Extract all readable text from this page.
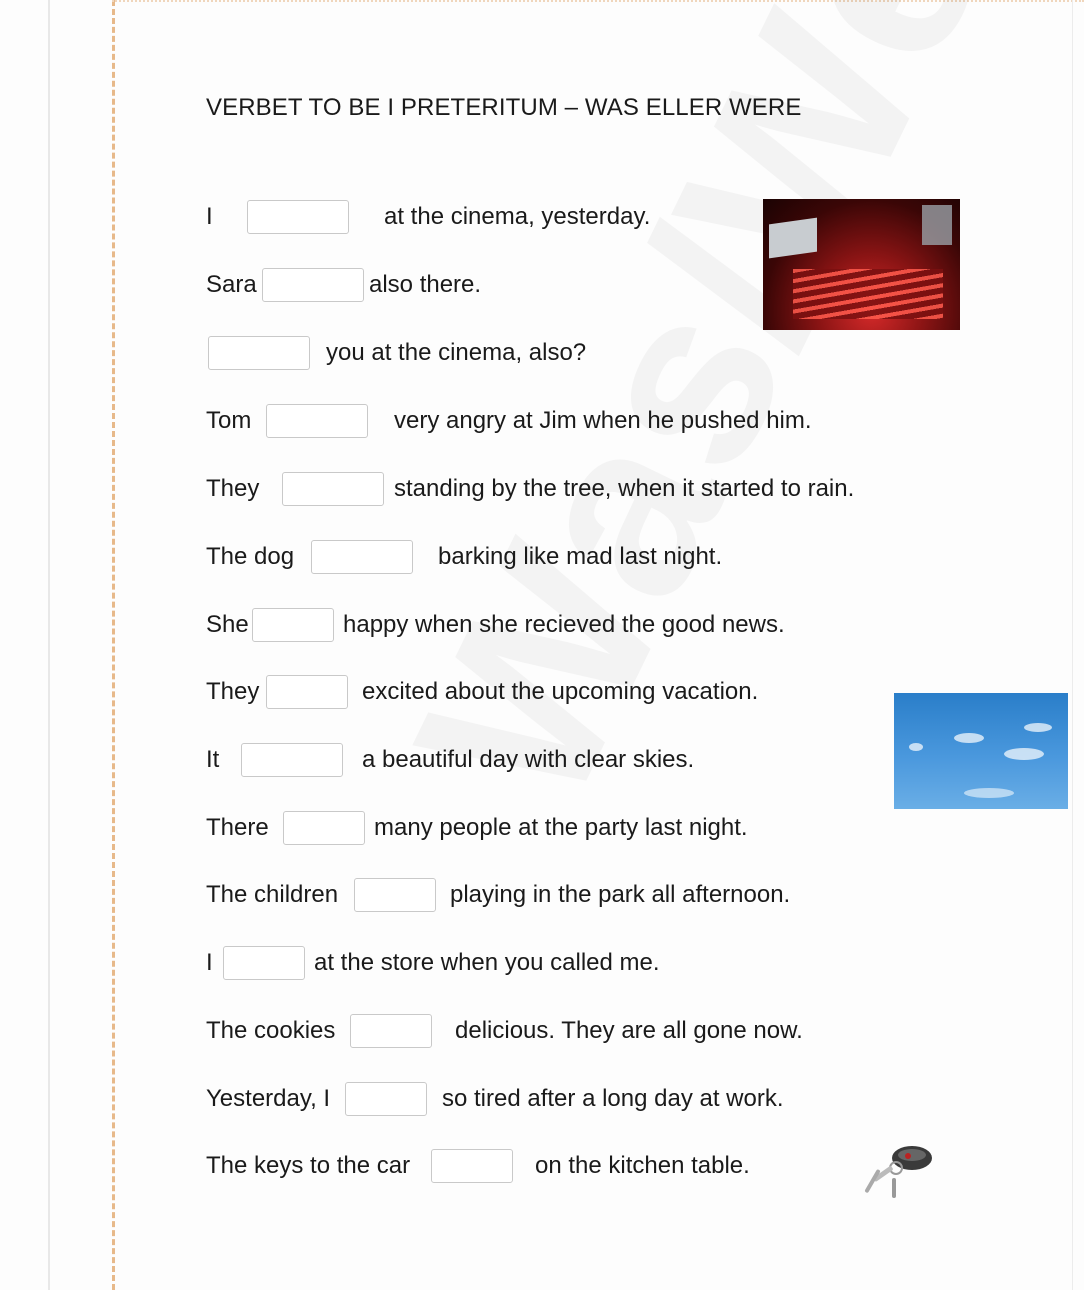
VERBET TO BE I PRETERITUM – WAS ELLER WERE
I	at the cinema, yesterday.
Sara	also there.
you at the cinema, also?
Tom	very angry at Jim when he pushed him.
They	standing by the tree, when it started to rain.
The dog	barking like mad last night.
She	happy when she recieved the good news.
They	excited about the upcoming vacation.
It	a beautiful day with clear skies.
There	many people at the party last night.
The children	playing in the park all afternoon.
I	at the store when you called me.
The cookies	delicious. They are all gone now.
Yesterday, I	so tired after a long day at work.
The keys to the car	on the kitchen table.
